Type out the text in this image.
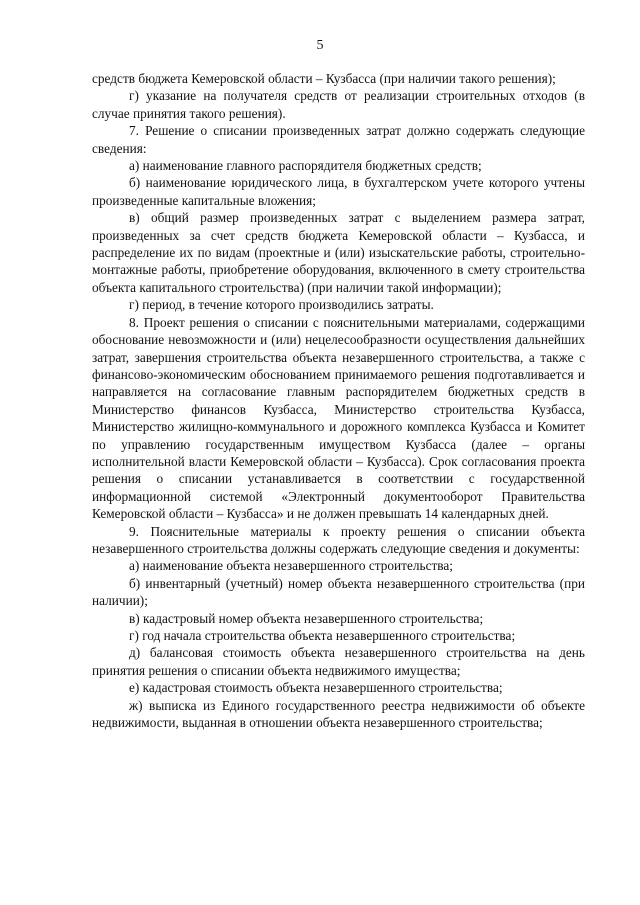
5

средств бюджета Кемеровской области – Кузбасса (при наличии такого решения);

г) указание на получателя средств от реализации строительных отходов (в случае принятия такого решения).

7. Решение о списании произведенных затрат должно содержать следующие сведения:

а) наименование главного распорядителя бюджетных средств;

б) наименование юридического лица, в бухгалтерском учете которого учтены произведенные капитальные вложения;

в) общий размер произведенных затрат с выделением размера затрат, произведенных за счет средств бюджета Кемеровской области – Кузбасса, и распределение их по видам (проектные и (или) изыскательские работы, строительно-монтажные работы, приобретение оборудования, включенного в смету строительства объекта капитального строительства) (при наличии такой информации);

г) период, в течение которого производились затраты.

8. Проект решения о списании с пояснительными материалами, содержащими обоснование невозможности и (или) нецелесообразности осуществления дальнейших затрат, завершения строительства объекта незавершенного строительства, а также с финансово-экономическим обоснованием принимаемого решения подготавливается и направляется на согласование главным распорядителем бюджетных средств в Министерство финансов Кузбасса, Министерство строительства Кузбасса, Министерство жилищно-коммунального и дорожного комплекса Кузбасса и Комитет по управлению государственным имуществом Кузбасса (далее – органы исполнительной власти Кемеровской области – Кузбасса). Срок согласования проекта решения о списании устанавливается в соответствии с государственной информационной системой «Электронный документооборот Правительства Кемеровской области – Кузбасса» и не должен превышать 14 календарных дней.

9. Пояснительные материалы к проекту решения о списании объекта незавершенного строительства должны содержать следующие сведения и документы:

а) наименование объекта незавершенного строительства;

б) инвентарный (учетный) номер объекта незавершенного строительства (при наличии);

в) кадастровый номер объекта незавершенного строительства;

г) год начала строительства объекта незавершенного строительства;

д) балансовая стоимость объекта незавершенного строительства на день принятия решения о списании объекта недвижимого имущества;

е) кадастровая стоимость объекта незавершенного строительства;

ж) выписка из Единого государственного реестра недвижимости об объекте недвижимости, выданная в отношении объекта незавершенного строительства;
